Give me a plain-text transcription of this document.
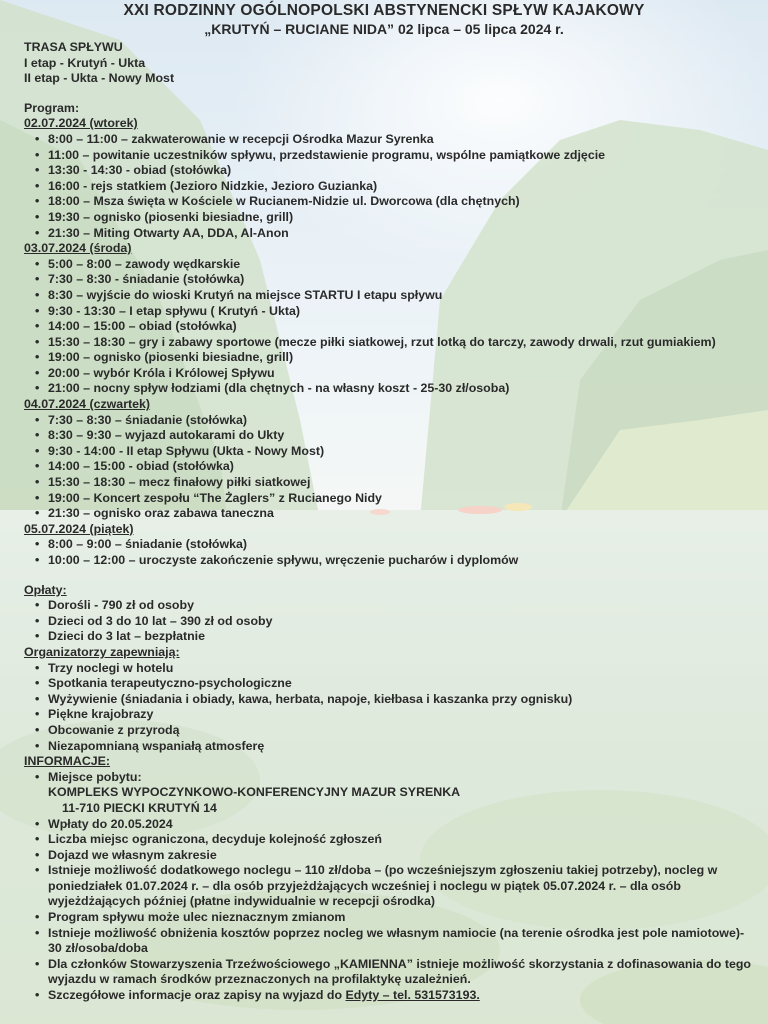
XXI RODZINNY OGÓLNOPOLSKI ABSTYNENCKI SPŁYW KAJAKOWY
„KRUTYŃ – RUCIANE NIDA” 02 lipca – 05 lipca 2024 r.
TRASA SPŁYWU
I etap - Krutyń - Ukta
II etap - Ukta - Nowy Most
Program:
02.07.2024 (wtorek)
• 8:00 – 11:00 – zakwaterowanie w recepcji Ośrodka Mazur Syrenka
• 11:00 – powitanie uczestników spływu, przedstawienie programu, wspólne pamiątkowe zdjęcie
• 13:30 - 14:30 - obiad (stołówka)
• 16:00 - rejs statkiem (Jezioro Nidzkie, Jezioro Guzianka)
• 18:00 – Msza święta w Kościele w Rucianem-Nidzie ul. Dworcowa (dla chętnych)
• 19:30 – ognisko (piosenki biesiadne, grill)
• 21:30 – Miting Otwarty AA, DDA, Al-Anon
03.07.2024 (środa)
• 5:00 – 8:00 – zawody wędkarskie
• 7:30 – 8:30 - śniadanie (stołówka)
• 8:30 – wyjście do wioski Krutyń na miejsce STARTU I etapu spływu
• 9:30 - 13:30 – I etap spływu ( Krutyń - Ukta)
• 14:00 – 15:00 – obiad (stołówka)
• 15:30 – 18:30 – gry i zabawy sportowe (mecze piłki siatkowej, rzut lotką do tarczy, zawody drwali, rzut gumiakiem)
• 19:00 – ognisko (piosenki biesiadne, grill)
• 20:00 – wybór Króla i Królowej Spływu
• 21:00 – nocny spływ łodziami (dla chętnych - na własny koszt - 25-30 zł/osoba)
04.07.2024 (czwartek)
• 7:30 – 8:30 – śniadanie (stołówka)
• 8:30 – 9:30 – wyjazd autokarami do Ukty
• 9:30 - 14:00 - II etap Spływu (Ukta - Nowy Most)
• 14:00 – 15:00 - obiad (stołówka)
• 15:30 – 18:30 – mecz finałowy piłki siatkowej
• 19:00 – Koncert zespołu “The Żaglers” z Rucianego Nidy
• 21:30 – ognisko oraz zabawa taneczna
05.07.2024 (piątek)
• 8:00 – 9:00 – śniadanie (stołówka)
• 10:00 – 12:00 – uroczyste zakończenie spływu, wręczenie pucharów i dyplomów
Opłaty:
• Dorośli - 790 zł od osoby
• Dzieci od 3 do 10 lat – 390 zł od osoby
• Dzieci do 3 lat – bezpłatnie
Organizatorzy zapewniają:
• Trzy noclegi w hotelu
• Spotkania terapeutyczno-psychologiczne
• Wyżywienie (śniadania i obiady, kawa, herbata, napoje, kiełbasa i kaszanka przy ognisku)
• Piękne krajobrazy
• Obcowanie z przyrodą
• Niezapomnianą wspaniałą atmosferę
INFORMACJE:
• Miejsce pobytu:
KOMPLEKS WYPOCZYNKOWO-KONFERENCYJNY MAZUR SYRENKA
11-710 PIECKI KRUTYŃ 14
• Wpłaty do 20.05.2024
• Liczba miejsc ograniczona, decyduje kolejność zgłoszeń
• Dojazd we własnym zakresie
• Istnieje możliwość dodatkowego noclegu – 110 zł/doba – (po wcześniejszym zgłoszeniu takiej potrzeby), nocleg w poniedziałek 01.07.2024 r. – dla osób przyjeżdżających wcześniej i noclegu w piątek 05.07.2024 r. – dla osób wyjeżdżających później (płatne indywidualnie w recepcji ośrodka)
• Program spływu może ulec nieznacznym zmianom
• Istnieje możliwość obniżenia kosztów poprzez nocleg we własnym namiocie (na terenie ośrodka jest pole namiotowe)- 30 zł/osoba/doba
• Dla członków Stowarzyszenia Trzeźwościowego „KAMIENNA” istnieje możliwość skorzystania z dofinasowania do tego wyjazdu w ramach środków przeznaczonych na profilaktykę uzależnień.
• Szczegółowe informacje oraz zapisy na wyjazd do Edyty – tel. 531573193.
